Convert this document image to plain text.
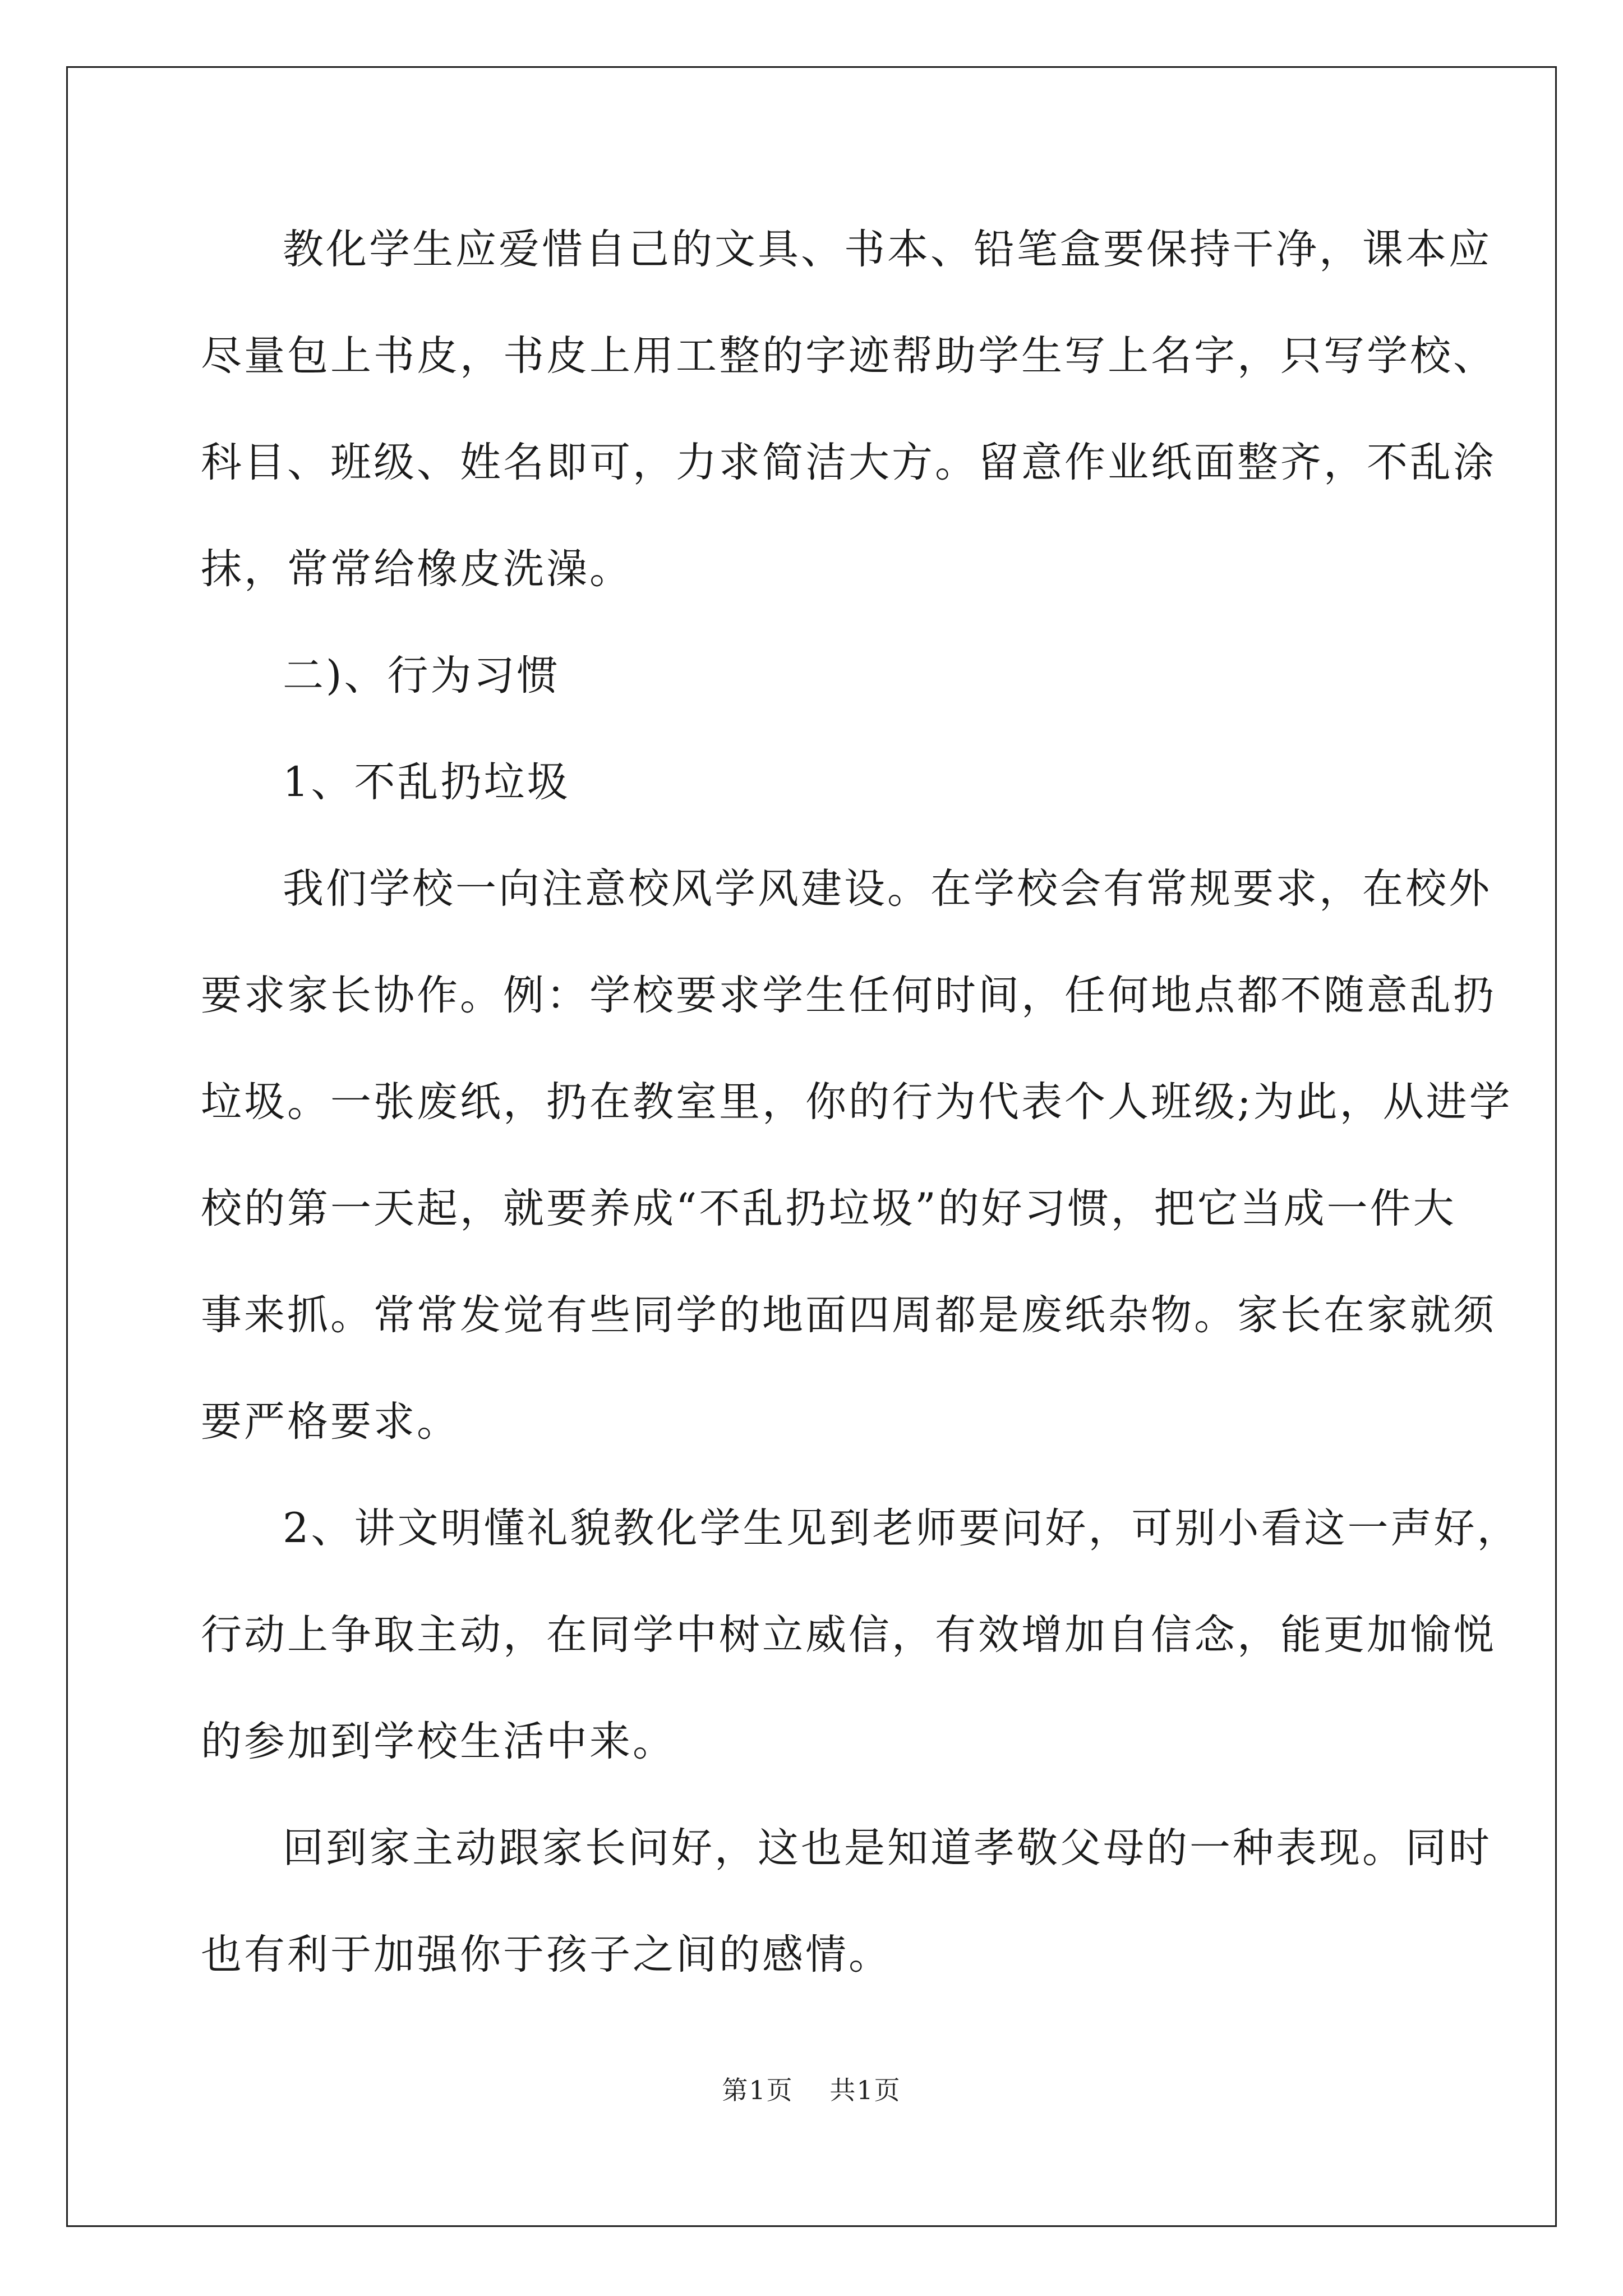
教化学生应爱惜自己的文具、书本、铅笔盒要保持干净，课本应
尽量包上书皮，书皮上用工整的字迹帮助学生写上名字，只写学校、
科目、班级、姓名即可，力求简洁大方。留意作业纸面整齐，不乱涂
抹，常常给橡皮洗澡。

二)、行为习惯

1、不乱扔垃圾

我们学校一向注意校风学风建设。在学校会有常规要求，在校外
要求家长协作。例：学校要求学生任何时间，任何地点都不随意乱扔
垃圾。一张废纸，扔在教室里，你的行为代表个人班级;为此，从进学
校的第一天起，就要养成“不乱扔垃圾”的好习惯，把它当成一件大
事来抓。常常发觉有些同学的地面四周都是废纸杂物。家长在家就须
要严格要求。

2、讲文明懂礼貌教化学生见到老师要问好，可别小看这一声好，
行动上争取主动，在同学中树立威信，有效增加自信念，能更加愉悦
的参加到学校生活中来。

回到家主动跟家长问好，这也是知道孝敬父母的一种表现。同时
也有利于加强你于孩子之间的感情。

第1页 共1页
